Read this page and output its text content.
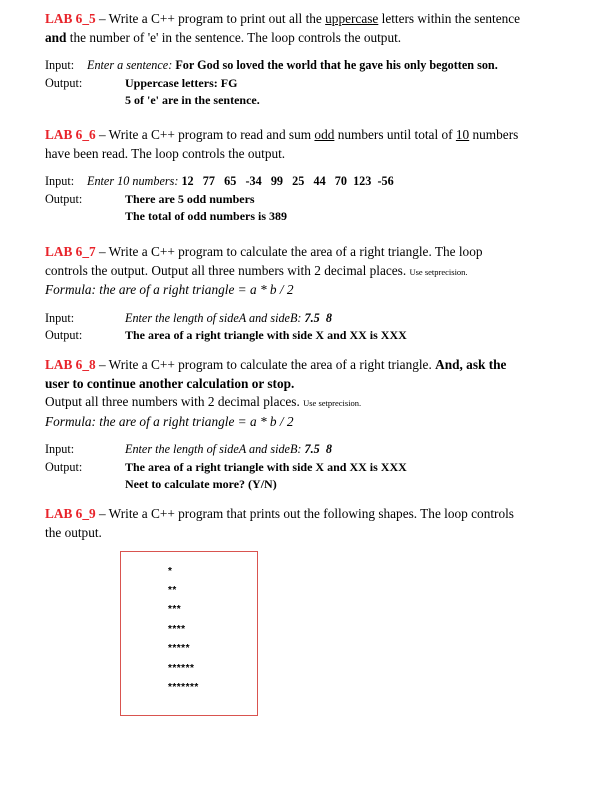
LAB 6_5 – Write a C++ program to print out all the uppercase letters within the sentence
and the number of 'e' in the sentence. The loop controls the output.

Input:	Enter a sentence: For God so loved the world that he gave his only begotten son.
Output:	Uppercase letters: FG
5 of 'e' are in the sentence.

LAB 6_6 – Write a C++ program to read and sum odd numbers until total of 10 numbers
have been read. The loop controls the output.

Input:	Enter 10 numbers: 12   77   65   -34   99   25   44   70  123  -56
Output:	There are 5 odd numbers
The total of odd numbers is 389

LAB 6_7 – Write a C++ program to calculate the area of a right triangle. The loop
controls the output. Output all three numbers with 2 decimal places. Use setprecision.
Formula: the are of a right triangle = a * b / 2

Input:	Enter the length of sideA and sideB: 7.5  8
Output:	The area of a right triangle with side X and XX is XXX

LAB 6_8 – Write a C++ program to calculate the area of a right triangle. And, ask the
user to continue another calculation or stop.
Output all three numbers with 2 decimal places. Use setprecision.
Formula: the are of a right triangle = a * b / 2

Input:	Enter the length of sideA and sideB: 7.5  8
Output:	The area of a right triangle with side X and XX is XXX
Neet to calculate more? (Y/N)

LAB 6_9 – Write a C++ program that prints out the following shapes. The loop controls
the output.

*
**
***
****
*****
******
*******
